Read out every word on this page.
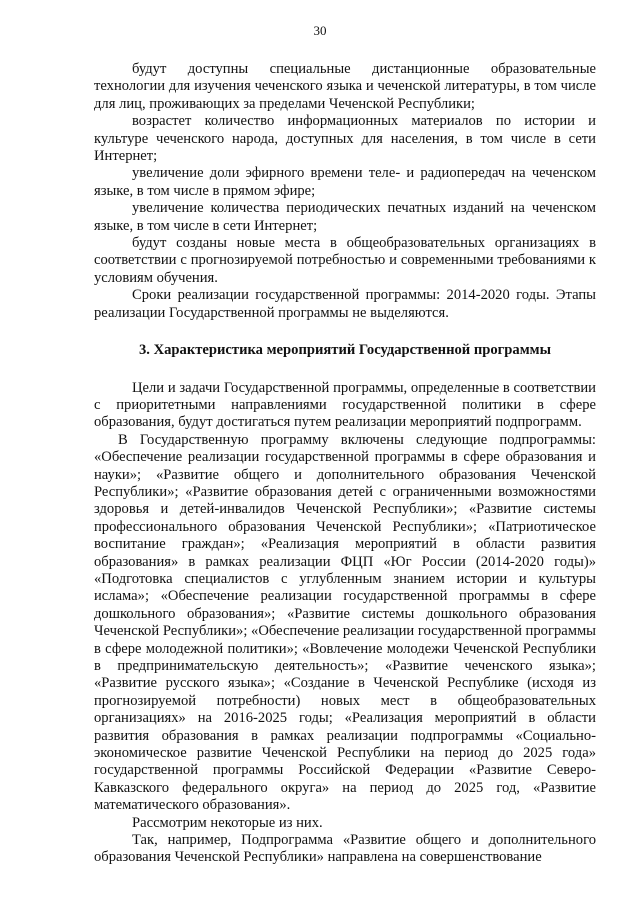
30

будут доступны специальные дистанционные образовательные технологии для изучения чеченского языка и чеченской литературы, в том числе для лиц, проживающих за пределами Чеченской Республики;

возрастет количество информационных материалов по истории и культуре чеченского народа, доступных для населения, в том числе в сети Интернет;

увеличение доли эфирного времени теле- и радиопередач на чеченском языке, в том числе в прямом эфире;

увеличение количества периодических печатных изданий на чеченском языке, в том числе в сети Интернет;

будут созданы новые места в общеобразовательных организациях в соответствии с прогнозируемой потребностью и современными требованиями к условиям обучения.

Сроки реализации государственной программы: 2014-2020 годы. Этапы реализации Государственной программы не выделяются.

3. Характеристика мероприятий Государственной программы

Цели и задачи Государственной программы, определенные в соответствии с приоритетными направлениями государственной политики в сфере образования, будут достигаться путем реализации мероприятий подпрограмм.

В Государственную программу включены следующие подпрограммы: «Обеспечение реализации государственной программы в сфере образования и науки»; «Развитие общего и дополнительного образования Чеченской Республики»; «Развитие образования детей с ограниченными возможностями здоровья и детей-инвалидов Чеченской Республики»; «Развитие системы профессионального образования Чеченской Республики»; «Патриотическое воспитание граждан»; «Реализация мероприятий в области развития образования» в рамках реализации ФЦП «Юг России (2014-2020 годы)» «Подготовка специалистов с углубленным знанием истории и культуры ислама»; «Обеспечение реализации государственной программы в сфере дошкольного образования»; «Развитие системы дошкольного образования Чеченской Республики»; «Обеспечение реализации государственной программы в сфере молодежной политики»; «Вовлечение молодежи Чеченской Республики в предпринимательскую деятельность»; «Развитие чеченского языка»; «Развитие русского языка»; «Создание в Чеченской Республике (исходя из прогнозируемой потребности) новых мест в общеобразовательных организациях» на 2016-2025 годы; «Реализация мероприятий в области развития образования в рамках реализации подпрограммы «Социально-экономическое развитие Чеченской Республики на период до 2025 года» государственной программы Российской Федерации «Развитие Северо-Кавказского федерального округа» на период до 2025 год, «Развитие математического образования».

Рассмотрим некоторые из них.

Так, например, Подпрограмма «Развитие общего и дополнительного образования Чеченской Республики» направлена на совершенствование
